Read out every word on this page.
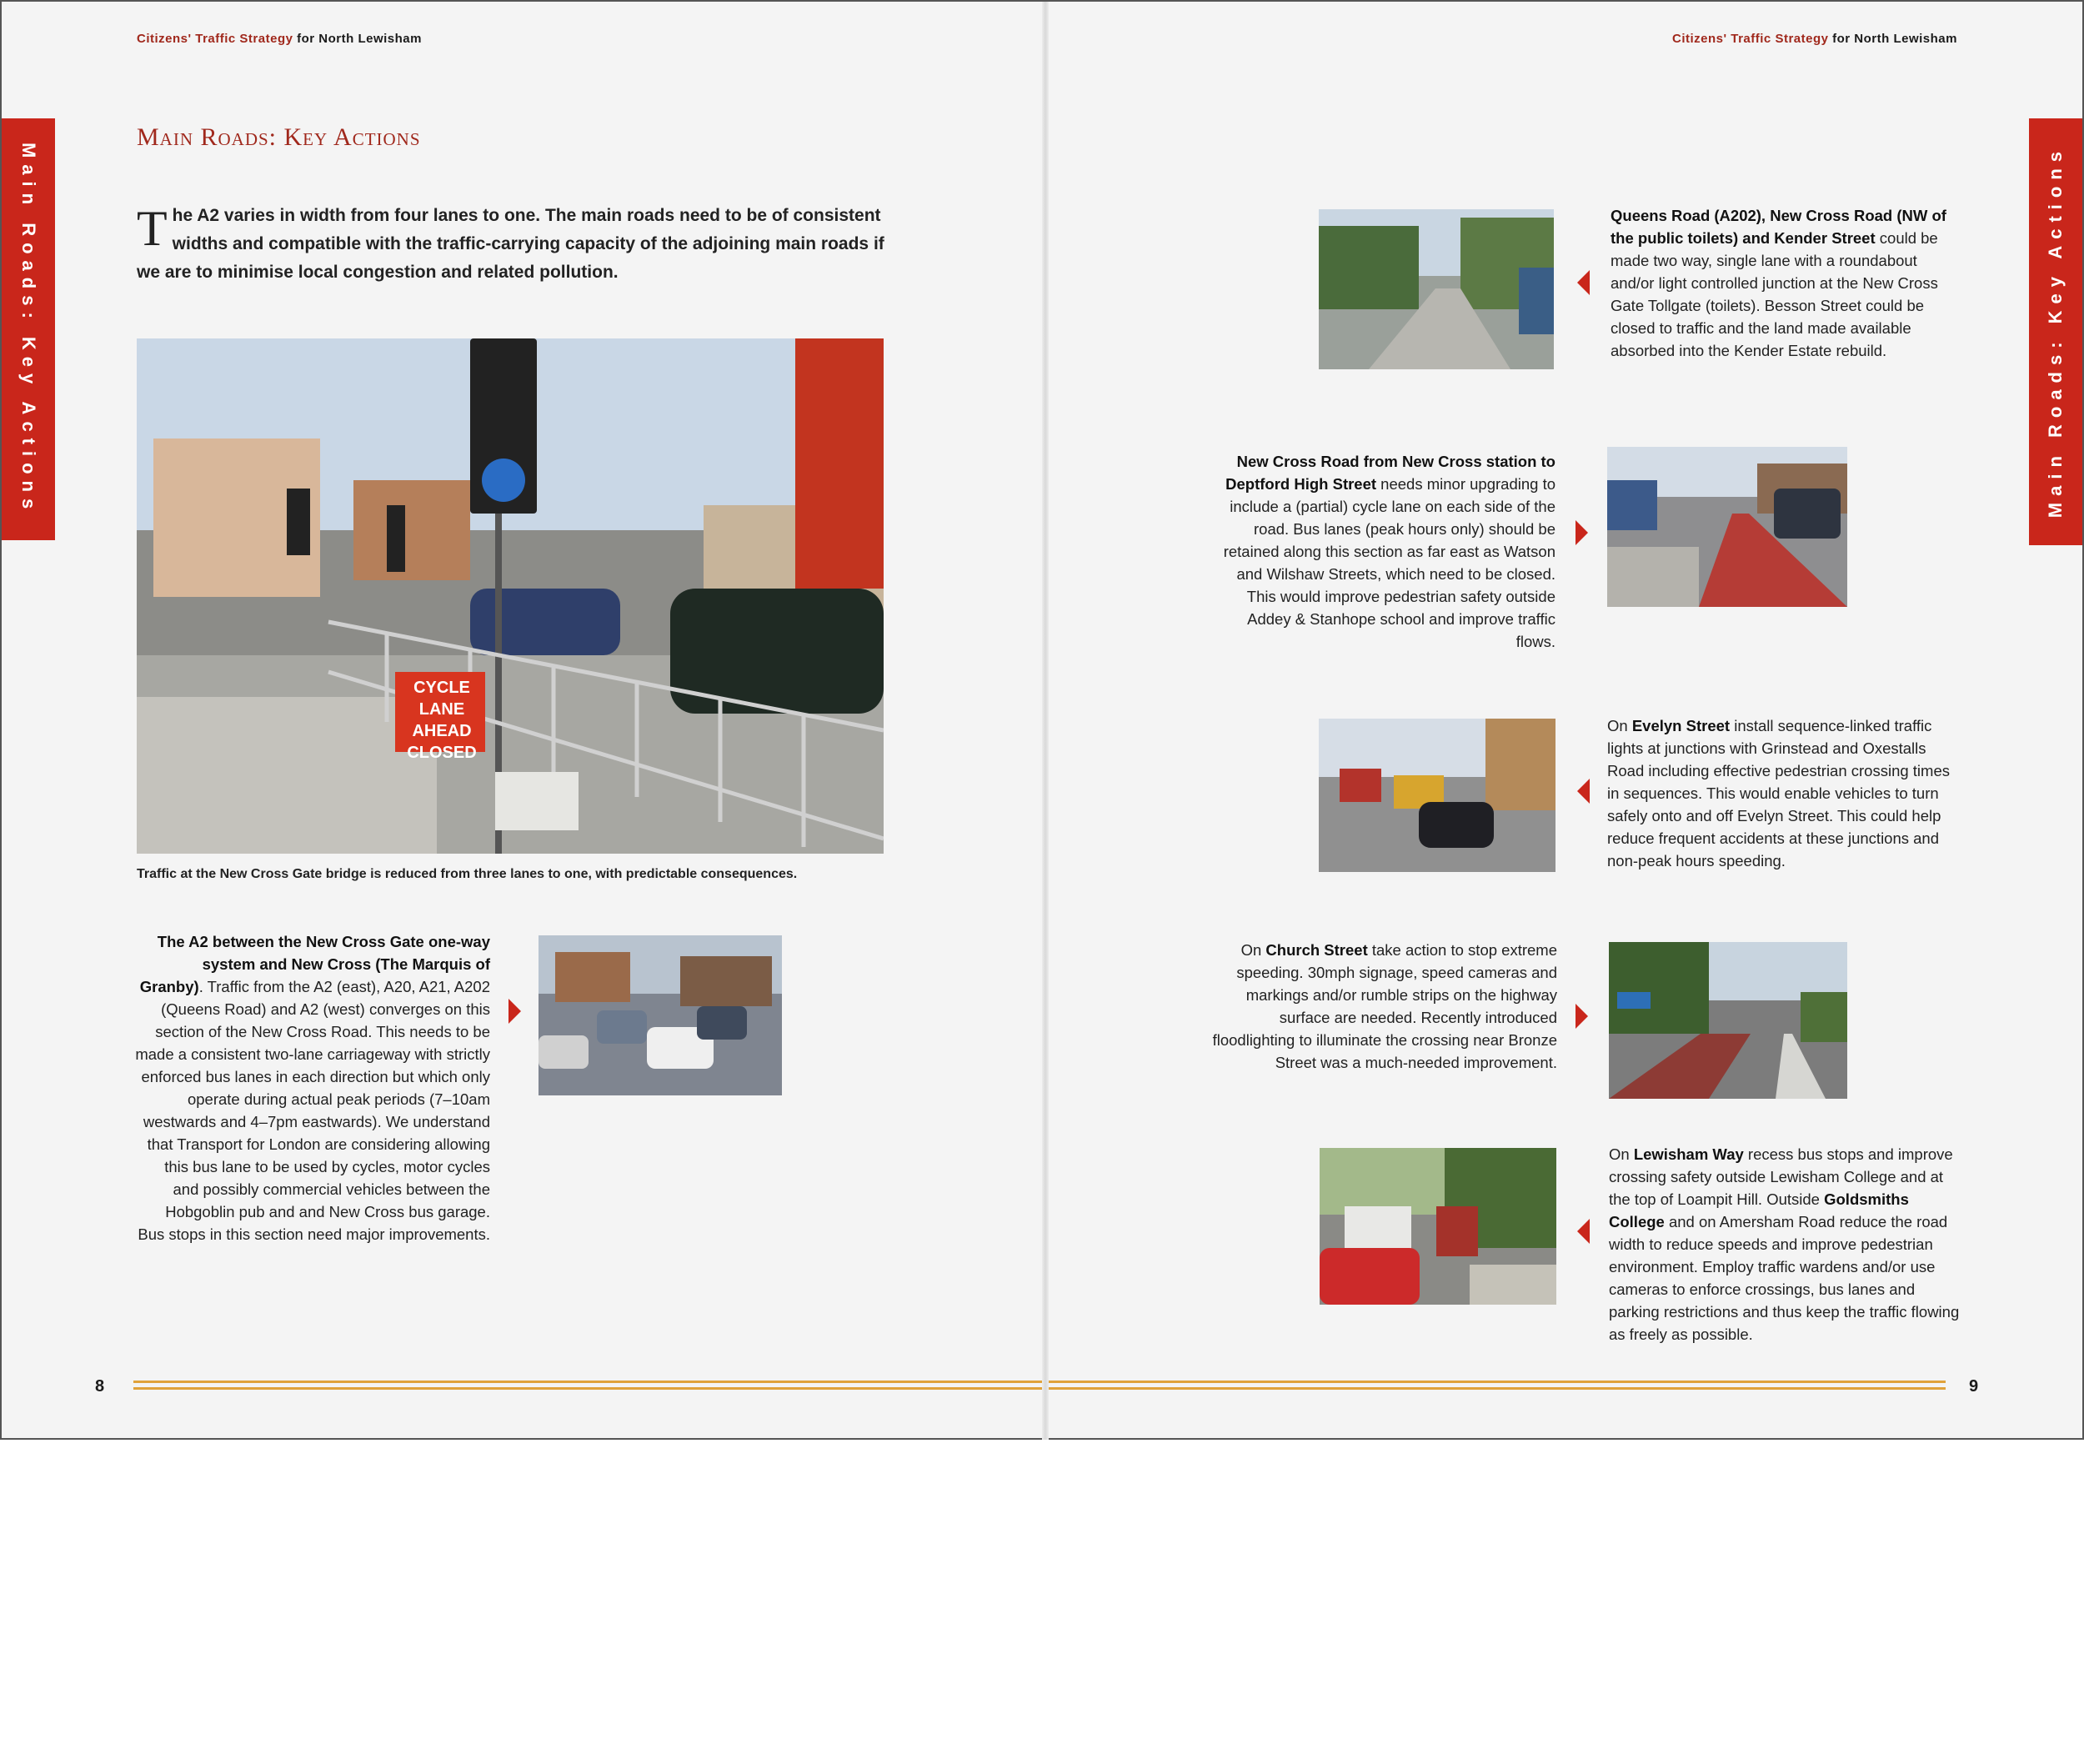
Citizens' Traffic Strategy for North Lewisham	Citizens' Traffic Strategy for North Lewisham
Main Roads: Key Actions	Main Roads: Key Actions
Main Roads: Key Actions
The A2 varies in width from four lanes to one. The main roads need to be of consistent widths and compatible with the traffic-carrying capacity of the adjoining main roads if we are to minimise local congestion and related pollution.
CYCLE LANE
AHEAD
CLOSED
Traffic at the New Cross Gate bridge is reduced from three lanes to one, with predictable consequences.
The A2 between the New Cross Gate one-way system and New Cross (The Marquis of Granby). Traffic from the A2 (east), A20, A21, A202 (Queens Road) and A2 (west) converges on this section of the New Cross Road. This needs to be made a consistent two-lane carriageway with strictly enforced bus lanes in each direction but which only operate during actual peak periods (7–10am westwards and 4–7pm eastwards). We understand that Transport for London are considering allowing this bus lane to be used by cycles, motor cycles and possibly commercial vehicles between the Hobgoblin pub and and New Cross bus garage. Bus stops in this section need major improvements.
Queens Road (A202), New Cross Road (NW of the public toilets) and Kender Street could be made two way, single lane with a roundabout and/or light controlled junction at the New Cross Gate Tollgate (toilets). Besson Street could be closed to traffic and the land made available absorbed into the Kender Estate rebuild.
New Cross Road from New Cross station to Deptford High Street needs minor upgrading to include a (partial) cycle lane on each side of the road. Bus lanes (peak hours only) should be retained along this section as far east as Watson and Wilshaw Streets, which need to be closed. This would improve pedestrian safety outside Addey & Stanhope school and improve traffic flows.
On Evelyn Street install sequence-linked traffic lights at junctions with Grinstead and Oxestalls Road including effective pedestrian crossing times in sequences. This would enable vehicles to turn safely onto and off Evelyn Street. This could help reduce frequent accidents at these junctions and non-peak hours speeding.
On Church Street take action to stop extreme speeding. 30mph signage, speed cameras and markings and/or rumble strips on the highway surface are needed. Recently introduced floodlighting to illuminate the crossing near Bronze Street was a much-needed improvement.
On Lewisham Way recess bus stops and improve crossing safety outside Lewisham College and at the top of Loampit Hill. Outside Goldsmiths College and on Amersham Road reduce the road width to reduce speeds and improve pedestrian environment. Employ traffic wardens and/or use cameras to enforce crossings, bus lanes and parking restrictions and thus keep the traffic flowing as freely as possible.
8	9
